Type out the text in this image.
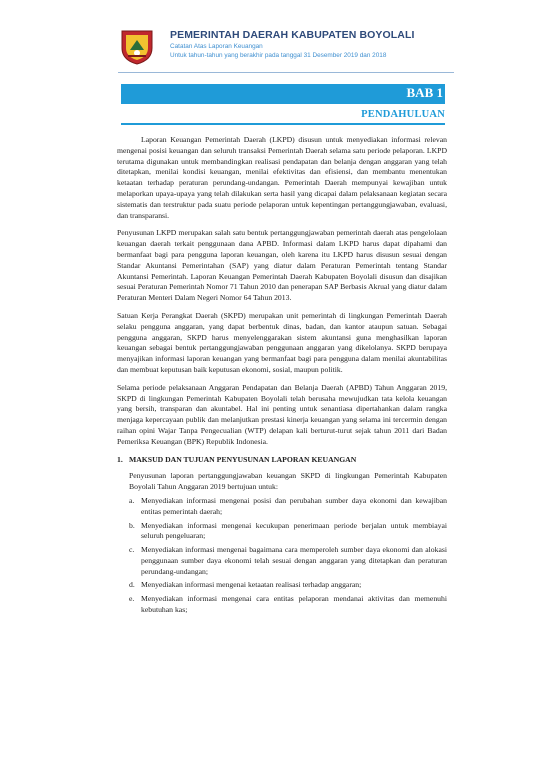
PEMERINTAH DAERAH KABUPATEN BOYOLALI
Catatan Atas Laporan Keuangan
Untuk tahun-tahun yang berakhir pada tanggal 31 Desember 2019 dan 2018
BAB 1
PENDAHULUAN

Laporan Keuangan Pemerintah Daerah (LKPD) disusun untuk menyediakan informasi relevan mengenai posisi keuangan dan seluruh transaksi Pemerintah Daerah selama satu periode pelaporan. LKPD terutama digunakan untuk membandingkan realisasi pendapatan dan belanja dengan anggaran yang telah ditetapkan, menilai kondisi keuangan, menilai efektivitas dan efisiensi, dan membantu menentukan ketaatan terhadap peraturan perundang-undangan. Pemerintah Daerah mempunyai kewajiban untuk melaporkan upaya-upaya yang telah dilakukan serta hasil yang dicapai dalam pelaksanaan kegiatan secara sistematis dan terstruktur pada suatu periode pelaporan untuk kepentingan pertanggungjawaban, evaluasi, dan transparansi.

Penyusunan LKPD merupakan salah satu bentuk pertanggungjawaban pemerintah daerah atas pengelolaan keuangan daerah terkait penggunaan dana APBD. Informasi dalam LKPD harus dapat dipahami dan bermanfaat bagi para pengguna laporan keuangan, oleh karena itu LKPD harus disusun sesuai dengan Standar Akuntansi Pemerintahan (SAP) yang diatur dalam Peraturan Pemerintah tentang Standar Akuntansi Pemerintah. Laporan Keuangan Pemerintah Daerah Kabupaten Boyolali disusun dan disajikan sesuai Peraturan Pemerintah Nomor 71 Tahun 2010 dan penerapan SAP Berbasis Akrual yang diatur dalam Peraturan Menteri Dalam Negeri Nomor 64 Tahun 2013.

Satuan Kerja Perangkat Daerah (SKPD) merupakan unit pemerintah di lingkungan Pemerintah Daerah selaku pengguna anggaran, yang dapat berbentuk dinas, badan, dan kantor ataupun satuan. Sebagai pengguna anggaran, SKPD harus menyelenggarakan sistem akuntansi guna menghasilkan laporan keuangan sebagai bentuk pertanggungjawaban penggunaan anggaran yang dikelolanya. SKPD berupaya menyajikan informasi laporan keuangan yang bermanfaat bagi para pengguna dalam menilai akuntabilitas dan membuat keputusan baik keputusan ekonomi, sosial, maupun politik.

Selama periode pelaksanaan Anggaran Pendapatan dan Belanja Daerah (APBD) Tahun Anggaran 2019, SKPD di lingkungan Pemerintah Kabupaten Boyolali telah berusaha mewujudkan tata kelola keuangan yang bersih, transparan dan akuntabel. Hal ini penting untuk senantiasa dipertahankan dalam rangka menjaga kepercayaan publik dan melanjutkan prestasi kinerja keuangan yang selama ini tercermin dengan raihan opini Wajar Tanpa Pengecualian (WTP) delapan kali berturut-turut sejak tahun 2011 dari Badan Pemeriksa Keuangan (BPK) Republik Indonesia.

1. MAKSUD DAN TUJUAN PENYUSUNAN LAPORAN KEUANGAN

Penyusunan laporan pertanggungjawaban keuangan SKPD di lingkungan Pemerintah Kabupaten Boyolali Tahun Anggaran 2019 bertujuan untuk:

a. Menyediakan informasi mengenai posisi dan perubahan sumber daya ekonomi dan kewajiban entitas pemerintah daerah;
b. Menyediakan informasi mengenai kecukupan penerimaan periode berjalan untuk membiayai seluruh pengeluaran;
c. Menyediakan informasi mengenai bagaimana cara memperoleh sumber daya ekonomi dan alokasi penggunaan sumber daya ekonomi telah sesuai dengan anggaran yang ditetapkan dan peraturan perundang-undangan;
d. Menyediakan informasi mengenai ketaatan realisasi terhadap anggaran;
e. Menyediakan informasi mengenai cara entitas pelaporan mendanai aktivitas dan memenuhi kebutuhan kas;
